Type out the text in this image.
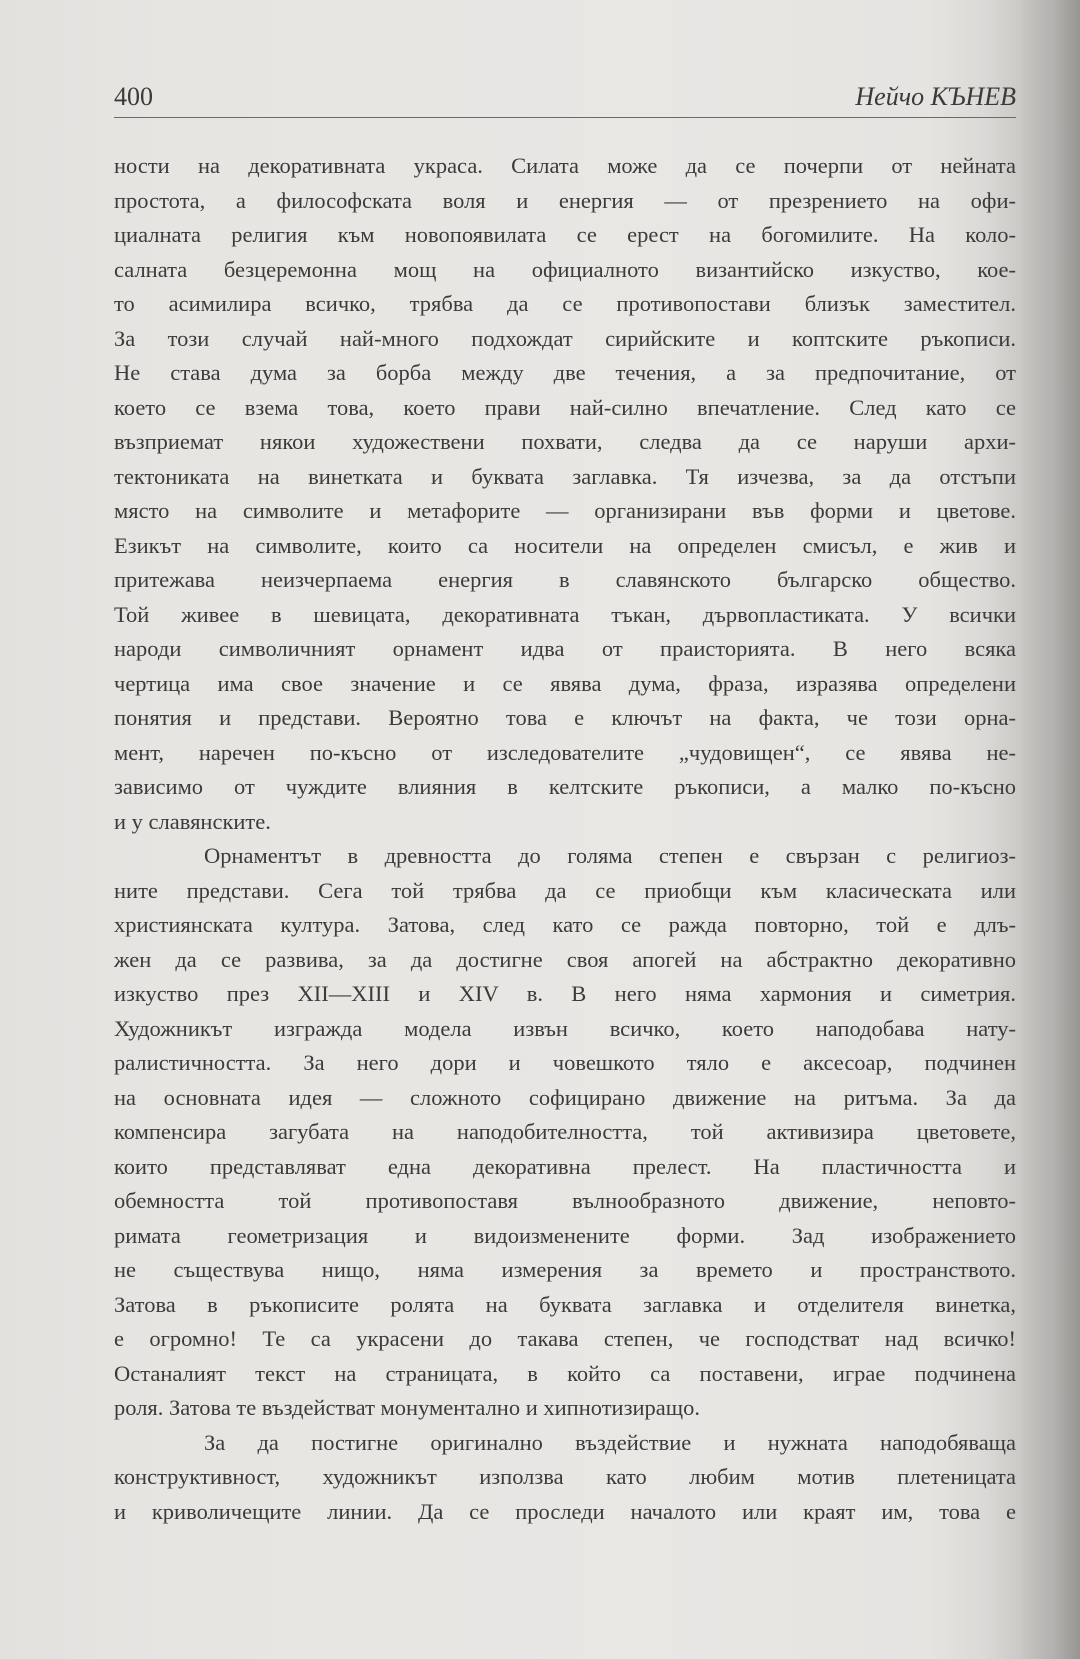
400	Нейчо КЪНЕВ
ности на декоративната украса. Силата може да се почерпи от нейната
простота, а философската воля и енергия — от презрението на офи-
циалната религия към новопоявилата се ерест на богомилите. На коло-
салната безцеремонна мощ на официалното византийско изкуство, кое-
то асимилира всичко, трябва да се противопостави близък заместител.
За този случай най-много подхождат сирийските и коптските ръкописи.
Не става дума за борба между две течения, а за предпочитание, от
което се взема това, което прави най-силно впечатление. След като се
възприемат някои художествени похвати, следва да се наруши архи-
тектониката на винетката и буквата заглавка. Тя изчезва, за да отстъпи
място на символите и метафорите — организирани във форми и цветове.
Езикът на символите, които са носители на определен смисъл, е жив и
притежава неизчерпаема енергия в славянското българско общество.
Той живее в шевицата, декоративната тъкан, дървопластиката. У всички
народи символичният орнамент идва от праисторията. В него всяка
чертица има свое значение и се явява дума, фраза, изразява определени
понятия и представи. Вероятно това е ключът на факта, че този орна-
мент, наречен по-късно от изследователите „чудовищен“, се явява не-
зависимо от чуждите влияния в келтските ръкописи, а малко по-късно
и у славянските.
Орнаментът в древността до голяма степен е свързан с религиоз-
ните представи. Сега той трябва да се приобщи към класическата или
християнската култура. Затова, след като се ражда повторно, той е длъ-
жен да се развива, за да достигне своя апогей на абстрактно декоративно
изкуство през XII—XIII и XIV в. В него няма хармония и симетрия.
Художникът изгражда модела извън всичко, което наподобава нату-
ралистичността. За него дори и човешкото тяло е аксесоар, подчинен
на основната идея — сложното софицирано движение на ритъма. За да
компенсира загубата на наподобителността, той активизира цветовете,
които представляват една декоративна прелест. На пластичността и
обемността той противопоставя вълнообразното движение, неповто-
римата геометризация и видоизменените форми. Зад изображението
не съществува нищо, няма измерения за времето и пространството.
Затова в ръкописите ролята на буквата заглавка и отделителя винетка,
е огромно! Те са украсени до такава степен, че господстват над всичко!
Останалият текст на страницата, в който са поставени, играе подчинена
роля. Затова те въздействат монументално и хипнотизиращо.
За да постигне оригинално въздействие и нужната наподобяваща
конструктивност, художникът използва като любим мотив плетеницата
и криволичещите линии. Да се проследи началото или краят им, това е
